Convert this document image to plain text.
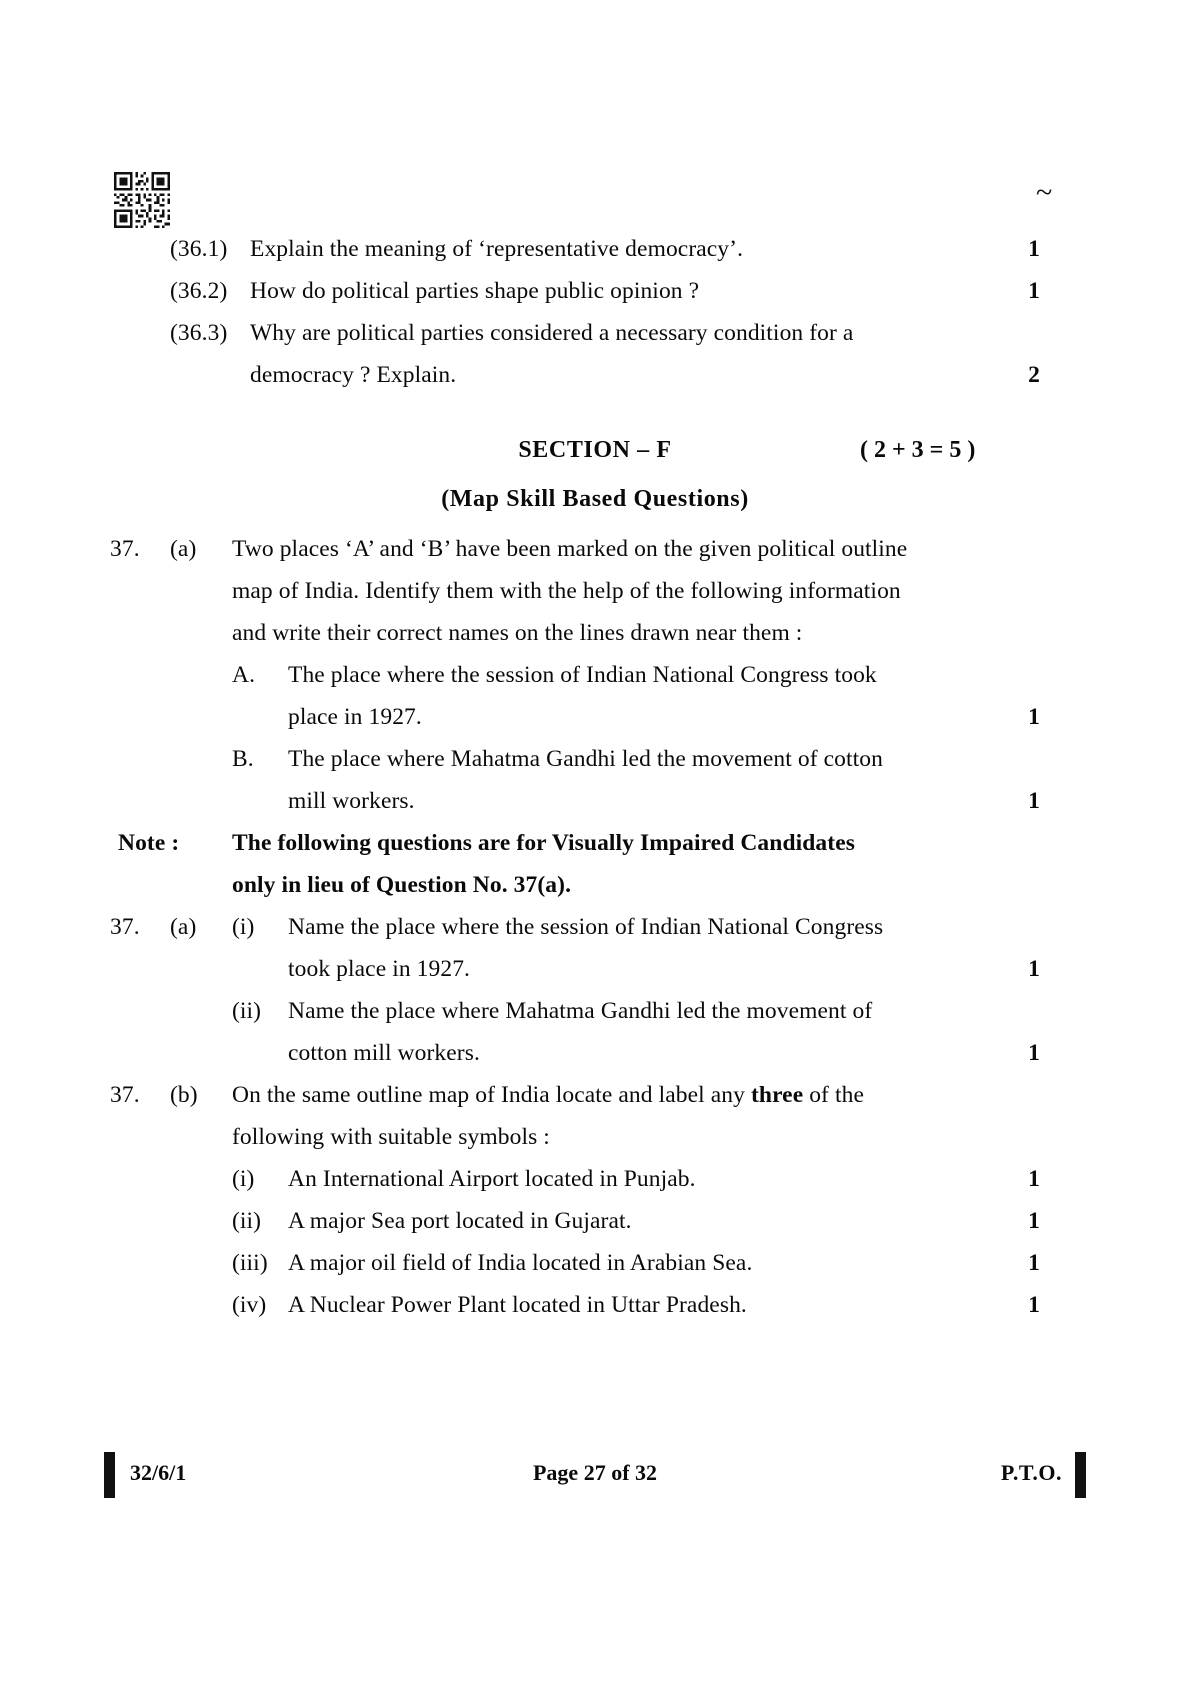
~
(36.1) Explain the meaning of ‘representative democracy’.	1
(36.2) How do political parties shape public opinion ?	1
(36.3) Why are political parties considered a necessary condition for a
democracy ? Explain.	2
SECTION – F	( 2 + 3 = 5 )
(Map Skill Based Questions)
37.	(a)	Two places ‘A’ and ‘B’ have been marked on the given political outline
map of India. Identify them with the help of the following information
and write their correct names on the lines drawn near them :
A.	The place where the session of Indian National Congress took
place in 1927.	1
B.	The place where Mahatma Gandhi led the movement of cotton
mill workers.	1
Note :	The following questions are for Visually Impaired Candidates
only in lieu of Question No. 37(a).
37.	(a)	(i)	Name the place where the session of Indian National Congress
took place in 1927.	1
(ii)	Name the place where Mahatma Gandhi led the movement of
cotton mill workers.	1
37.	(b)	On the same outline map of India locate and label any three of the
following with suitable symbols :
(i)	An International Airport located in Punjab.	1
(ii)	A major Sea port located in Gujarat.	1
(iii) A major oil field of India located in Arabian Sea.	1
(iv) A Nuclear Power Plant located in Uttar Pradesh.	1
32/6/1	Page 27 of 32	P.T.O.
